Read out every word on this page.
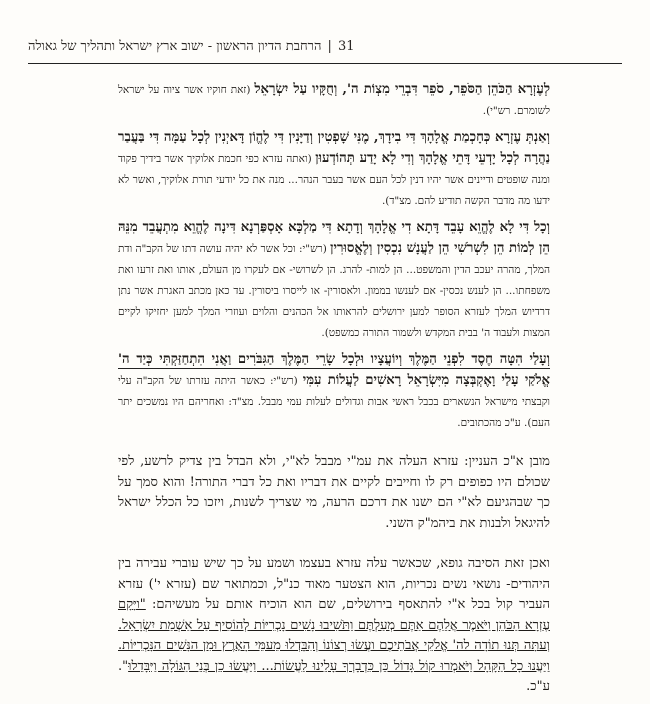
31
|
הרחבת הדיון הראשון - ישוב ארץ ישראל ותהליך של גאולה
לְעֶזְרָא הַכֹּהֵן הַסֹּפֵר, סֹפֵר דִּבְרֵי מִצְוֹת ה', וְחֻקָּיו עַל יִשְׂרָאֵל (זאת חוקיו אשר ציוה על ישראל לשומרם. רש"י).
וְאַנְתְּ עֶזְרָא כְּחָכְמַת אֱלָהָךְ דִּי בִידָךְ, מֶנִּי שָׁפְטִין וְדַיָּנִין דִּי לֶהֱוֹן דָּאיְנִין לְכָל עַמָּה דִּי בַּעֲבַר נַהֲרָה לְכָל יָדְעֵי דָּתֵי אֱלָהָךְ וְדִי לָא יָדַע תְּהוֹדְעוּן (ואתה עזרא כפי חכמת אלוקיך אשר בידיך פקוד ומנה שופטים ודיינים אשר יהיו דנין לכל העם אשר בעבר הנהר... מנה את כל יודעי תורת אלוקיך, ואשר לא ידעו מה מדבר הקשה תודיע להם. מצ"ד).
וְכָל דִּי לָא לֶהֱוֵא עָבֵד דָּתָא דִי אֱלָהָךְ וְדָתָא דִּי מַלְכָּא אָסְפַּרְנָא דִּינָה לֶהֱוֵא מִתְעֲבֵד מִנֵּהּ הֵן לְמוֹת הֵן לִשְׁרֹשִׁי הֵן לַעֲנָשׁ נִכְסִין וְלֶאֱסוּרִין (רש"י: וכל אשר לא יהיה עושה דתו של הקב"ה ודת המלך, מהרה יעכב הדין והמשפט... הן למות- להרג. הן לשרושי- אם לעקרו מן העולם, אותו ואת זרעו ואת משפחתו... הן לענש נכסין- אם לענשו בממון. ולאסורין- או לייסרו ביסורין. עד כאן מכתב האגרת אשר נתן דרדיוש המלך לעזרא הסופר למען ירושלים להראותו אל הכהנים והלוים ועוזרי המלך למען יחזיקו לקיים המצות ולעבוד ה' בבית המקדש ולשמור התורה כמשפט).
וְעָלַי הִטָּה חֶסֶד לִפְנֵי הַמֶּלֶךְ וְיוֹעֲצָיו וּלְכָל שָׂרֵי הַמֶּלֶךְ הַגִּבֹּרִים וַאֲנִי הִתְחַזַּקְתִּי כְּיַד ה' אֱלֹקַי עָלַי וָאֶקְבְּצָה מִיִּשְׂרָאֵל רָאשִׁים לַעֲלוֹת עִמִּי (רש"י: כאשר היתה עזרתו של הקב"ה עלי וקבצתי מישראל הנשארים בכבל ראשי אבות וגדולים לעלות עמי מבבל. מצ"ד: ואחריהם היו נמשכים יתר העם). ע"כ מהכתובים.
מובן א"כ העניין: עזרא העלה את עמ"י מבבל לא"י, ולא הבדל בין צדיק לרשע, לפי שכולם היו כפופים רק לו וחייבים לקיים את דבריו ואת כל דברי התורה! והוא סמך על כך שבהגיעם לא"י הם ישנו את דרכם הרעה, מי שצריך לשנות, ויזכו כל הכלל ישראל להיגאל ולבנות את ביהמ"ק השני.
ואכן זאת הסיבה גופא, שכאשר עלה עזרא בעצמו ושמע על כך שיש עוברי עבירה בין היהודים- נושאי נשים נכריות, הוא הצטער מאוד כנ"ל, וכמתואר שם (עזרא י') עזרא העביר קול בכל א"י להתאסף בירושלים, שם הוא הוכיח אותם על מעשיהם: "וַיָּקָם עֶזְרָא הַכֹּהֵן וַיֹּאמֶר אֲלֵהֶם אַתֶּם מְעַלְתֶּם וַתֹּשִׁיבוּ נָשִׁים נָכְרִיּוֹת לְהוֹסִיף עַל אַשְׁמַת יִשְׂרָאֵל. וְעַתָּה תְּנוּ תוֹדָה לַה' אֱלֹקֵי אֲבֹתֵיכֶם וַעֲשׂוּ רְצוֹנוֹ וְהִבָּדְלוּ מֵעַמֵּי הָאָרֶץ וּמִן הַנָּשִׁים הַנָּכְרִיּוֹת. וַיַּעֲנוּ כָל הַקָּהָל וַיֹּאמְרוּ קוֹל גָּדוֹל כֵּן כִּדְבָרְךָ עָלֵינוּ לַעֲשׂוֹת... וַיַּעֲשׂוּ כֵן בְּנֵי הַגּוֹלָה וַיִּבָּדֵלוּ". ע"כ.
